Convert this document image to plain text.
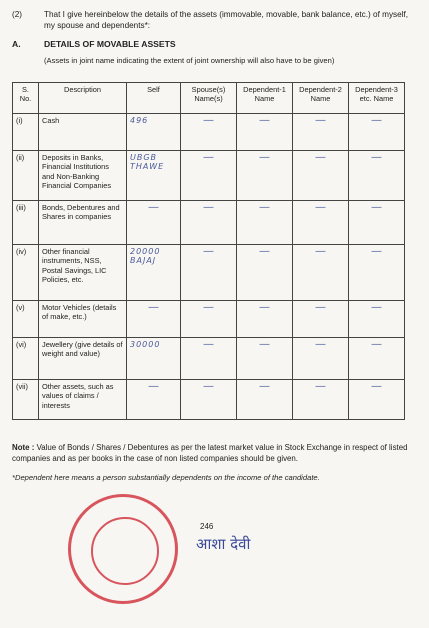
(2)	That I give hereinbelow the details of the assets (immovable, movable, bank balance, etc.) of myself, my spouse and dependents*:
A.	DETAILS OF MOVABLE ASSETS
(Assets in joint name indicating the extent of joint ownership will also have to be given)
S. No.	Description	Self	Spouse(s) Name(s)	Dependent-1 Name	Dependent-2 Name	Dependent-3 etc. Name
(i)	Cash	496	—	—	—	—
(ii)	Deposits in Banks, Financial Institutions and Non-Banking Financial Companies	UBGB THAWE	—	—	—	—
(iii)	Bonds, Debentures and Shares in companies	—	—	—	—	—
(iv)	Other financial instruments, NSS, Postal Savings, LIC Policies, etc.	20000 BAJAJ	—	—	—	—
(v)	Motor Vehicles (details of make, etc.)	—	—	—	—	—
(vi)	Jewellery (give details of weight and value)	30000	—	—	—	—
(vii)	Other assets, such as values of claims / interests	—	—	—	—	—
Note : Value of Bonds / Shares / Debentures as per the latest market value in Stock Exchange in respect of listed companies and as per books in the case of non listed companies should be given.
*Dependent here means a person substantially dependents on the income of the candidate.
246
आशा देवी
